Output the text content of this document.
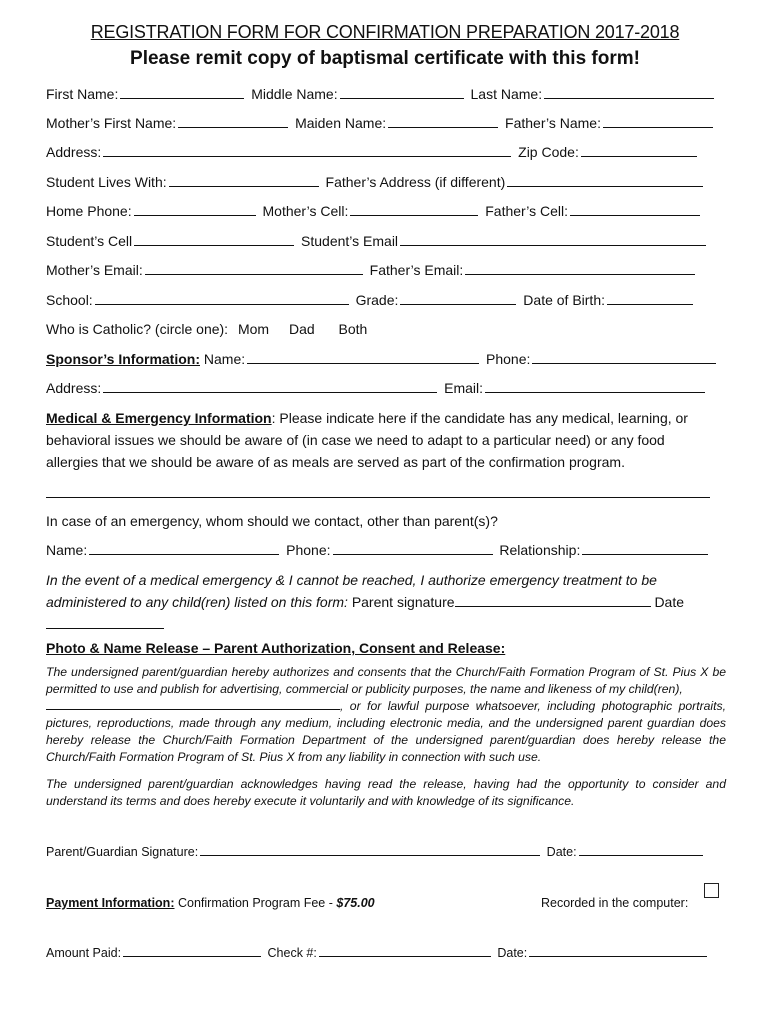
REGISTRATION FORM FOR CONFIRMATION PREPARATION 2017-2018
Please remit copy of baptismal certificate with this form!
First Name:	Middle Name:	Last Name:
Mother’s First Name:	Maiden Name:	Father’s Name:
Address:	Zip Code:
Student Lives With:	Father’s Address (if different)
Home Phone:	Mother’s Cell:	Father’s Cell:
Student’s Cell	Student’s Email
Mother’s Email:	Father’s Email:
School:	Grade:	Date of Birth:
Who is Catholic? (circle one): Mom Dad Both
Sponsor’s Information: Name:	Phone:
Address:	Email:
Medical & Emergency Information: Please indicate here if the candidate has any medical, learning, or behavioral issues we should be aware of (in case we need to adapt to a particular need) or any food allergies that we should be aware of as meals are served as part of the confirmation program.
In case of an emergency, whom should we contact, other than parent(s)?
Name:	Phone:	Relationship:
In the event of a medical emergency & I cannot be reached, I authorize emergency treatment to be administered to any child(ren) listed on this form: Parent signature	Date
Photo & Name Release – Parent Authorization, Consent and Release:
The undersigned parent/guardian hereby authorizes and consents that the Church/Faith Formation Program of St. Pius X be permitted to use and publish for advertising, commercial or publicity purposes, the name and likeness of my child(ren),
, or for lawful purpose whatsoever, including photographic portraits, pictures, reproductions, made through any medium, including electronic media, and the undersigned parent guardian does hereby release the Church/Faith Formation Department of the undersigned parent/guardian does hereby release the Church/Faith Formation Program of St. Pius X from any liability in connection with such use.
The undersigned parent/guardian acknowledges having read the release, having had the opportunity to consider and understand its terms and does hereby execute it voluntarily and with knowledge of its significance.
Parent/Guardian Signature:	Date:
Payment Information: Confirmation Program Fee - $75.00	Recorded in the computer:
Amount Paid:	Check #:	Date:
